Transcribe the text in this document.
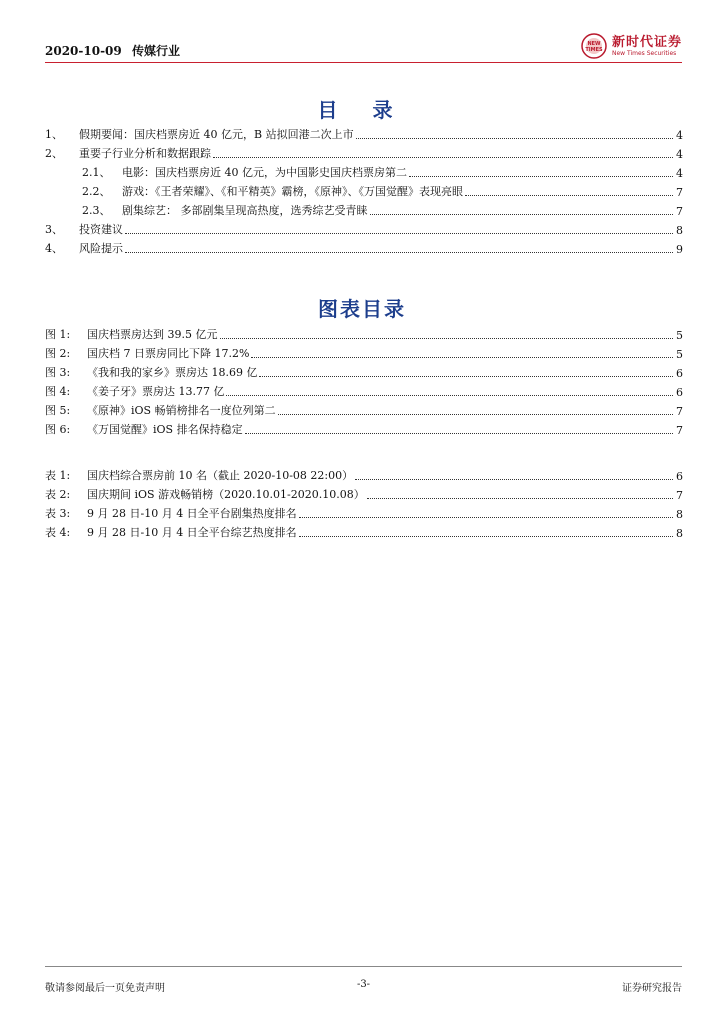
2020-10-09 传媒行业	NEW
TIMES
新时代证券
New Times Securities
目 录
1、	假期要闻：国庆档票房近 40 亿元，B 站拟回港二次上市	4
2、	重要子行业分析和数据跟踪	4
2.1、	电影：国庆档票房近 40 亿元，为中国影史国庆档票房第二	4
2.2、	游戏：《王者荣耀》、《和平精英》霸榜，《原神》、《万国觉醒》表现亮眼	7
2.3、	剧集综艺： 多部剧集呈现高热度，选秀综艺受青睐	7
3、	投资建议	8
4、	风险提示	9
图表目录
图 1:	国庆档票房达到 39.5 亿元	5
图 2:	国庆档 7 日票房同比下降 17.2%	5
图 3:	《我和我的家乡》票房达 18.69 亿	6
图 4:	《姜子牙》票房达 13.77 亿	6
图 5:	《原神》iOS 畅销榜排名一度位列第二	7
图 6:	《万国觉醒》iOS 排名保持稳定	7
表 1:	国庆档综合票房前 10 名（截止 2020-10-08 22:00）	6
表 2:	国庆期间 iOS 游戏畅销榜（2020.10.01-2020.10.08）	7
表 3:	9 月 28 日-10 月 4 日全平台剧集热度排名	8
表 4:	9 月 28 日-10 月 4 日全平台综艺热度排名	8
敬请参阅最后一页免责声明	-3-	证券研究报告
